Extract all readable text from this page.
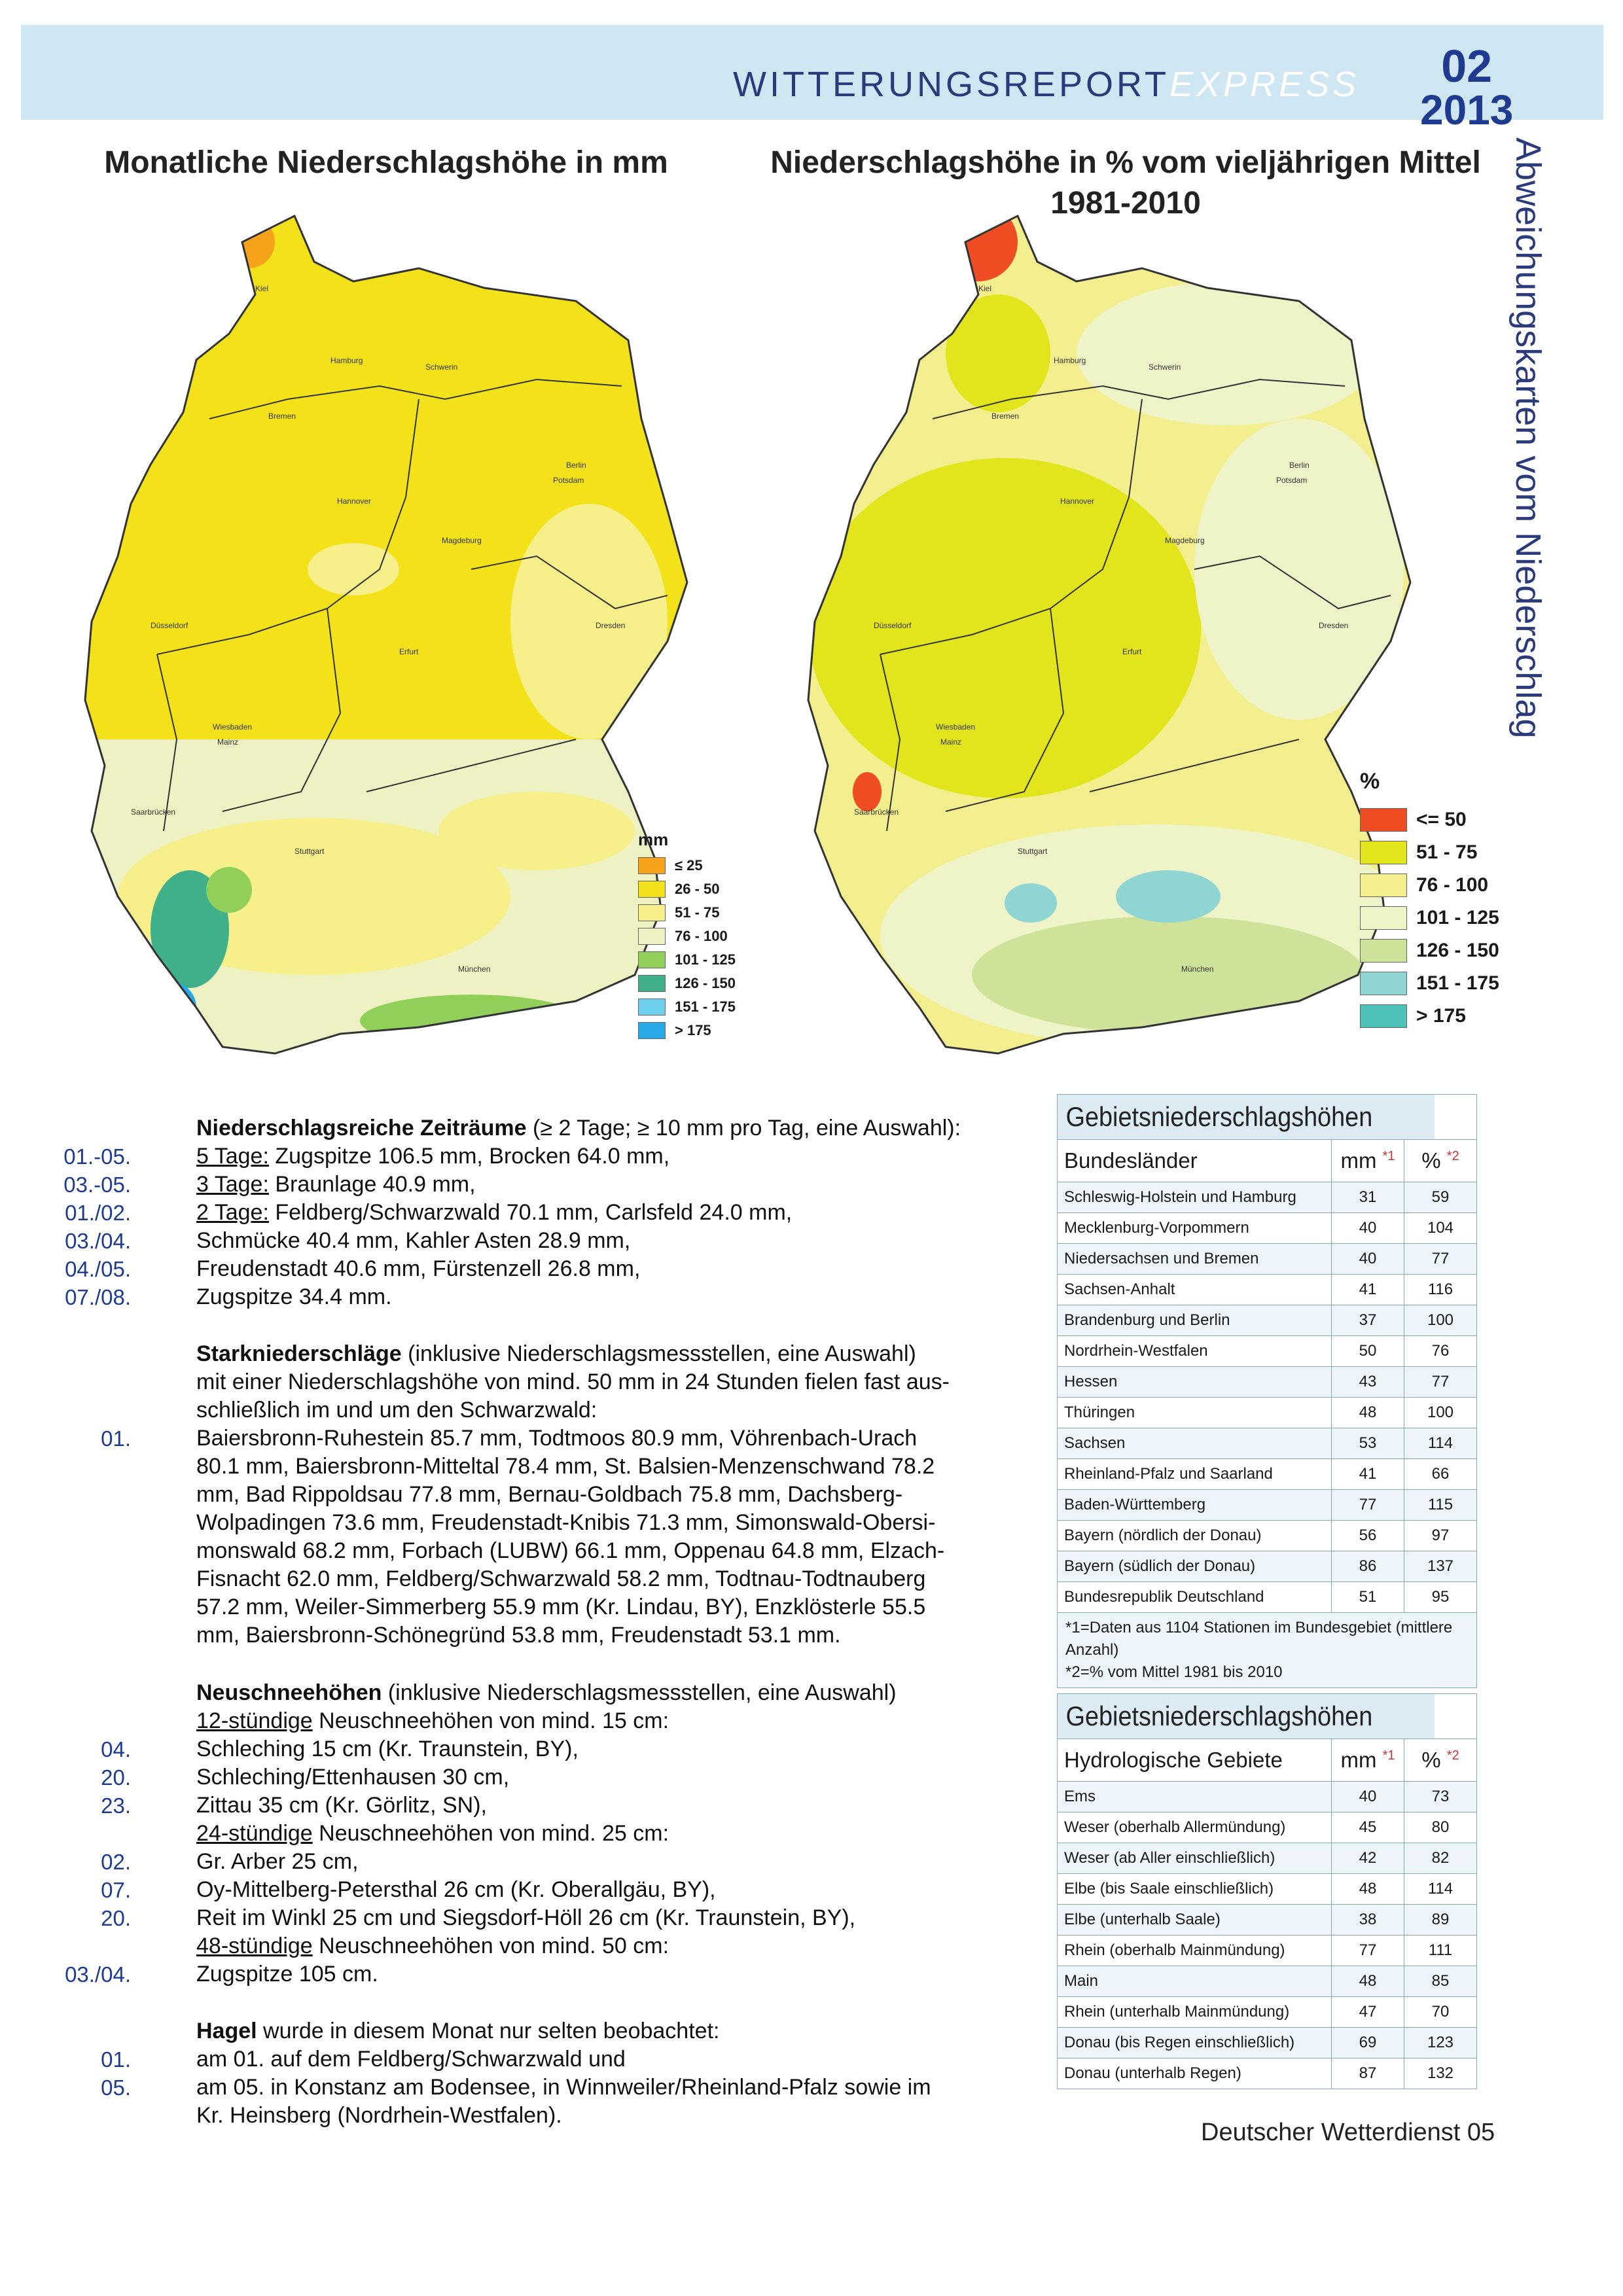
WITTERUNGSREPORTEXPRESS	02
2013
Monatliche Niederschlagshöhe in mm	Niederschlagshöhe in % vom vieljährigen Mittel
1981-2010	Abweichungskarten vom Niederschlag
Kiel
Hamburg
Schwerin
Bremen
Berlin
Potsdam
Hannover
Magdeburg
Düsseldorf
Erfurt
Dresden
Wiesbaden
Mainz
Saarbrücken
Stuttgart
München
mm
≤ 25
26 - 50
51 - 75
76 - 100
101 - 125
126 - 150
151 - 175
> 175
Kiel
Hamburg
Schwerin
Bremen
Berlin
Potsdam
Hannover
Magdeburg
Düsseldorf
Erfurt
Dresden
Wiesbaden
Mainz
Saarbrücken
Stuttgart
München
%
<= 50
51 - 75
76 - 100
101 - 125
126 - 150
151 - 175
> 175
Niederschlagsreiche Zeiträume (≥ 2 Tage; ≥ 10 mm pro Tag, eine Auswahl):
01.-05.	5 Tage: Zugspitze 106.5 mm, Brocken 64.0 mm,
03.-05.	3 Tage: Braunlage 40.9 mm,
01./02.	2 Tage: Feldberg/Schwarzwald 70.1 mm, Carlsfeld 24.0 mm,
03./04.	Schmücke 40.4 mm, Kahler Asten 28.9 mm,
04./05.	Freudenstadt 40.6 mm, Fürstenzell 26.8 mm,
07./08.	Zugspitze 34.4 mm.
Starkniederschläge (inklusive Niederschlagsmessstellen, eine Auswahl)
mit einer Niederschlagshöhe von mind. 50 mm in 24 Stunden fielen fast aus-
schließlich im und um den Schwarzwald:
01.	Baiersbronn-Ruhestein 85.7 mm, Todtmoos 80.9 mm, Vöhrenbach-Urach
80.1 mm, Baiersbronn-Mitteltal 78.4 mm, St. Balsien-Menzenschwand 78.2
mm, Bad Rippoldsau 77.8 mm, Bernau-Goldbach 75.8 mm, Dachsberg-
Wolpadingen 73.6 mm, Freudenstadt-Knibis 71.3 mm, Simonswald-Obersi-
monswald 68.2 mm, Forbach (LUBW) 66.1 mm, Oppenau 64.8 mm, Elzach-
Fisnacht 62.0 mm, Feldberg/Schwarzwald 58.2 mm, Todtnau-Todtnauberg
57.2 mm, Weiler-Simmerberg 55.9 mm (Kr. Lindau, BY), Enzklösterle 55.5
mm, Baiersbronn-Schönegründ 53.8 mm, Freudenstadt 53.1 mm.
Neuschneehöhen (inklusive Niederschlagsmessstellen, eine Auswahl)
12-stündige Neuschneehöhen von mind. 15 cm:
04.	Schleching 15 cm (Kr. Traunstein, BY),
20.	Schleching/Ettenhausen 30 cm,
23.	Zittau 35 cm (Kr. Görlitz, SN),
24-stündige Neuschneehöhen von mind. 25 cm:
02.	Gr. Arber 25 cm,
07.	Oy-Mittelberg-Petersthal 26 cm (Kr. Oberallgäu, BY),
20.	Reit im Winkl 25 cm und Siegsdorf-Höll 26 cm (Kr. Traunstein, BY),
48-stündige Neuschneehöhen von mind. 50 cm:
03./04.	Zugspitze 105 cm.
Hagel wurde in diesem Monat nur selten beobachtet:
01.	am 01. auf dem Feldberg/Schwarzwald und
05.	am 05. in Konstanz am Bodensee, in Winnweiler/Rheinland-Pfalz sowie im
Kr. Heinsberg (Nordrhein-Westfalen).
Gebietsniederschlagshöhen
Bundesländer	mm $^{*1}$	% $^{*2}$
Schleswig-Holstein und Hamburg	31	59
Mecklenburg-Vorpommern	40	104
Niedersachsen und Bremen	40	77
Sachsen-Anhalt	41	116
Brandenburg und Berlin	37	100
Nordrhein-Westfalen	50	76
Hessen	43	77
Thüringen	48	100
Sachsen	53	114
Rheinland-Pfalz und Saarland	41	66
Baden-Württemberg	77	115
Bayern (nördlich der Donau)	56	97
Bayern (südlich der Donau)	86	137
Bundesrepublik Deutschland	51	95
*1=Daten aus 1104 Stationen im Bundesgebiet (mittlere Anzahl)
*2=% vom Mittel 1981 bis 2010
Gebietsniederschlagshöhen
Hydrologische Gebiete	mm $^{*1}$	% $^{*2}$
Ems	40	73
Weser (oberhalb Allermündung)	45	80
Weser (ab Aller einschließlich)	42	82
Elbe (bis Saale einschließlich)	48	114
Elbe (unterhalb Saale)	38	89
Rhein (oberhalb Mainmündung)	77	111
Main	48	85
Rhein (unterhalb Mainmündung)	47	70
Donau (bis Regen einschließlich)	69	123
Donau (unterhalb Regen)	87	132
Deutscher Wetterdienst 05
